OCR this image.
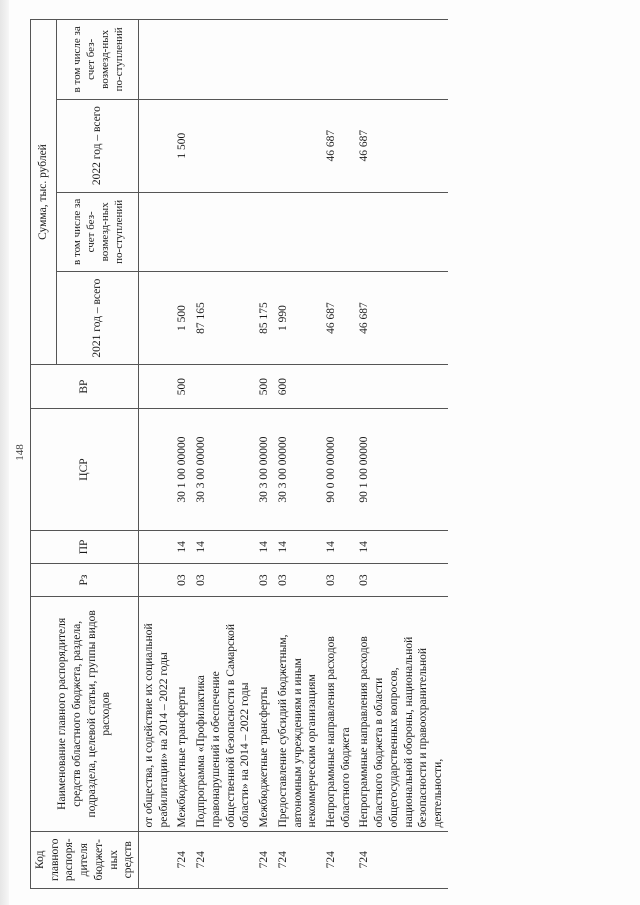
148
Код главного распоря-дителя бюджет-ных средств	Наименование главного распорядителя средств областного бюджета, раздела, подраздела, целевой статьи, группы видов расходов	Рз	ПР	ЦСР	ВР	Сумма, тыс. рублей			
						2021 год – всего	в том числе за счет без-возмезд-ных по-ступлений	2022 год – всего	в том числе за счет без-возмезд-ных по-ступлений
	от общества, и содействие их социальной реабилитации» на 2014 – 2022 годы								
724	Межбюджетные трансферты	03	14	30 1 00 00000	500	1 500		1 500	
724	Подпрограмма «Профилактика правонарушений и обеспечение общественной безопасности в Самарской области» на 2014 – 2022 годы	03	14	30 3 00 00000		87 165			
724	Межбюджетные трансферты	03	14	30 3 00 00000	500	85 175			
724	Предоставление субсидий бюджетным, автономным учреждениям и иным некоммерческим организациям	03	14	30 3 00 00000	600	1 990			
724	Непрограммные направления расходов областного бюджета	03	14	90 0 00 00000		46 687		46 687	
724	Непрограммные направления расходов областного бюджета в области общегосударственных вопросов, национальной обороны, национальной безопасности и правоохранительной деятельности,	03	14	90 1 00 00000		46 687		46 687	
